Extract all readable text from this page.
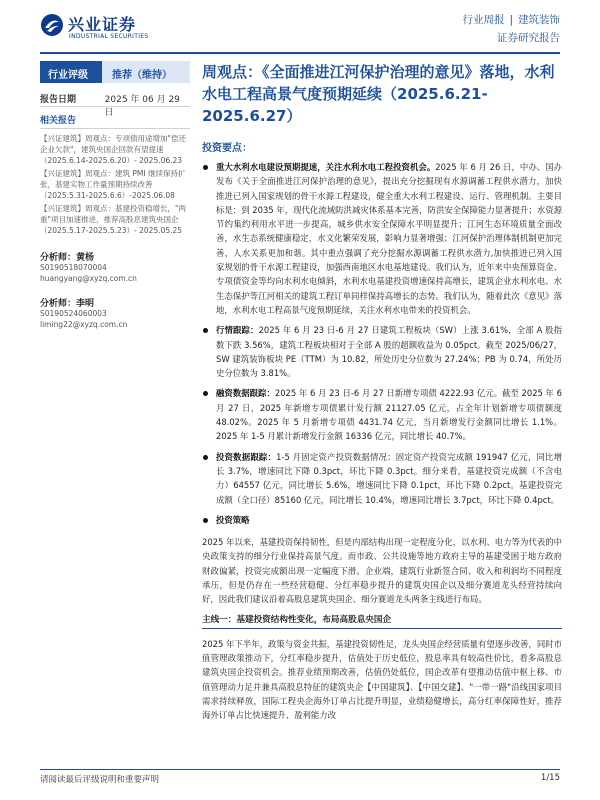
兴业证券
INDUSTRIAL SECURITIES
行业周报 | 建筑装饰
证券研究报告
行业评级	推荐（维持）
报告日期	2025 年 06 月 29 日
相关报告
【兴证建筑】周观点：专项债用途增加"偿还企业欠款"，建筑央国企回款有望提速（2025.6.14-2025.6.20）- 2025.06.23
【兴证建筑】周观点：建筑 PMI 继续保持扩张，基建实物工作量预期持续改善（2025.5.31-2025.6.6）-2025.06.08
【兴证建筑】周观点：基建投资稳增长，"两重"项目加速推进，推荐高股息建筑央国企（2025.5.17-2025.5.23）- 2025.05.25
分析师：黄杨
S0190518070004
huangyang@xyzq.com.cn
分析师：李明
S0190524060003
liming22@xyzq.com.cn
周观点：《全面推进江河保护治理的意见》落地，水利水电工程高景气度预期延续（2025.6.21-2025.6.27）
投资要点：
重大水利水电建设预期提速，关注水利水电工程投资机会。2025 年 6 月 26 日，中办、国办发布《关于全面推进江河保护治理的意见》，提出充分挖掘现有水源调蓄工程供水潜力，加快推进已列入国家规划的骨干水源工程建设，健全重大水利工程建设、运行、管理机制。主要目标是：到 2035 年，现代化流域防洪减灾体系基本完善，防洪安全保障能力显著提升；水资源节约集约利用水平进一步提高，城乡供水安全保障水平明显提升；江河生态环境质量全面改善，水生态系统健康稳定，水文化繁荣发展，影响力显著增强；江河保护治理体制机制更加完善，人水关系更加和谐。其中重点强调了充分挖掘水源调蓄工程供水潜力,加快推进已列入国家规划的骨干水源工程建设，加强西南地区水电基地建设。我们认为，近年来中央预算资金、专项债资金等均向水利水电倾斜，水利水电基建投资增速保持高增长，建筑企业水利水电、水生态保护等江河相关的建筑工程订单同样保持高增长的态势。我们认为，随着此次《意见》落地，水利水电工程高景气度预期延续，关注水利水电带来的投资机会。
行情跟踪：2025 年 6 月 23 日-6 月 27 日建筑工程板块（SW）上涨 3.61%，全部 A 股指数下跌 3.56%，建筑工程板块相对于全部 A 股的超额收益为 0.05pct。截至 2025/06/27，SW 建筑装饰板块 PE（TTM）为 10.82，所处历史分位数为 27.24%；PB 为 0.74，所处历史分位数为 3.81%。
融资数据跟踪：2025 年 6 月 23 日-6 月 27 日新增专项债 4222.93 亿元。截至 2025 年 6 月 27 日，2025 年新增专项债累计发行额 21127.05 亿元，占全年计划新增专项债额度 48.02%。2025 年 5 月新增专项债 4431.74 亿元，当月新增发行金额同比增长 1.1%。2025 年 1-5 月累计新增发行金额 16336 亿元，同比增长 40.7%。
投资数据跟踪：1-5 月固定资产投资数据情况：固定资产投资完成额 191947 亿元，同比增长 3.7%，增速同比下降 0.3pct，环比下降 0.3pct。细分来看，基建投资完成额（不含电力）64557 亿元，同比增长 5.6%，增速同比下降 0.1pct，环比下降 0.2pct。基建投资完成额（全口径）85160 亿元，同比增长 10.4%，增速同比增长 3.7pct，环比下降 0.4pct。
投资策略
2025 年以来，基建投资保持韧性，但是内部结构出现一定程度分化，以水利、电力等为代表的中央政策支持的细分行业保持高景气度。而市政、公共设施等地方政府主导的基建受困于地方政府财政偏紧，投资完成额出现一定幅度下滑。企业端，建筑行业新签合同、收入和利润均不同程度承压，但是仍存在一些经营稳健、分红率稳步提升的建筑央国企以及细分赛道龙头经营持续向好，因此我们建议沿着高股息建筑央国企、细分赛道龙头两条主线进行布局。
主线一：基建投资结构性变化，布局高股息央国企
2025 年下半年，政策与资金共振，基建投资韧性足，龙头央国企经营质量有望逐步改善，同时市值管理政策推动下，分红率稳步提升，估值处于历史低位，股息率具有较高性价比，看多高股息建筑央国企投资机会。推荐业绩预期改善，估值仍处低位，国企改革有望推动估值中枢上移、市值管理动力足并兼具高股息特征的建筑央企【中国建筑】、【中国交建】、"一带一路"沿线国家项目需求持续释放，国际工程央企海外订单占比提升明显，业绩稳健增长，高分红率保障性好，推荐海外订单占比快速提升、盈利能力改
请阅读最后评级说明和重要声明	1/15
